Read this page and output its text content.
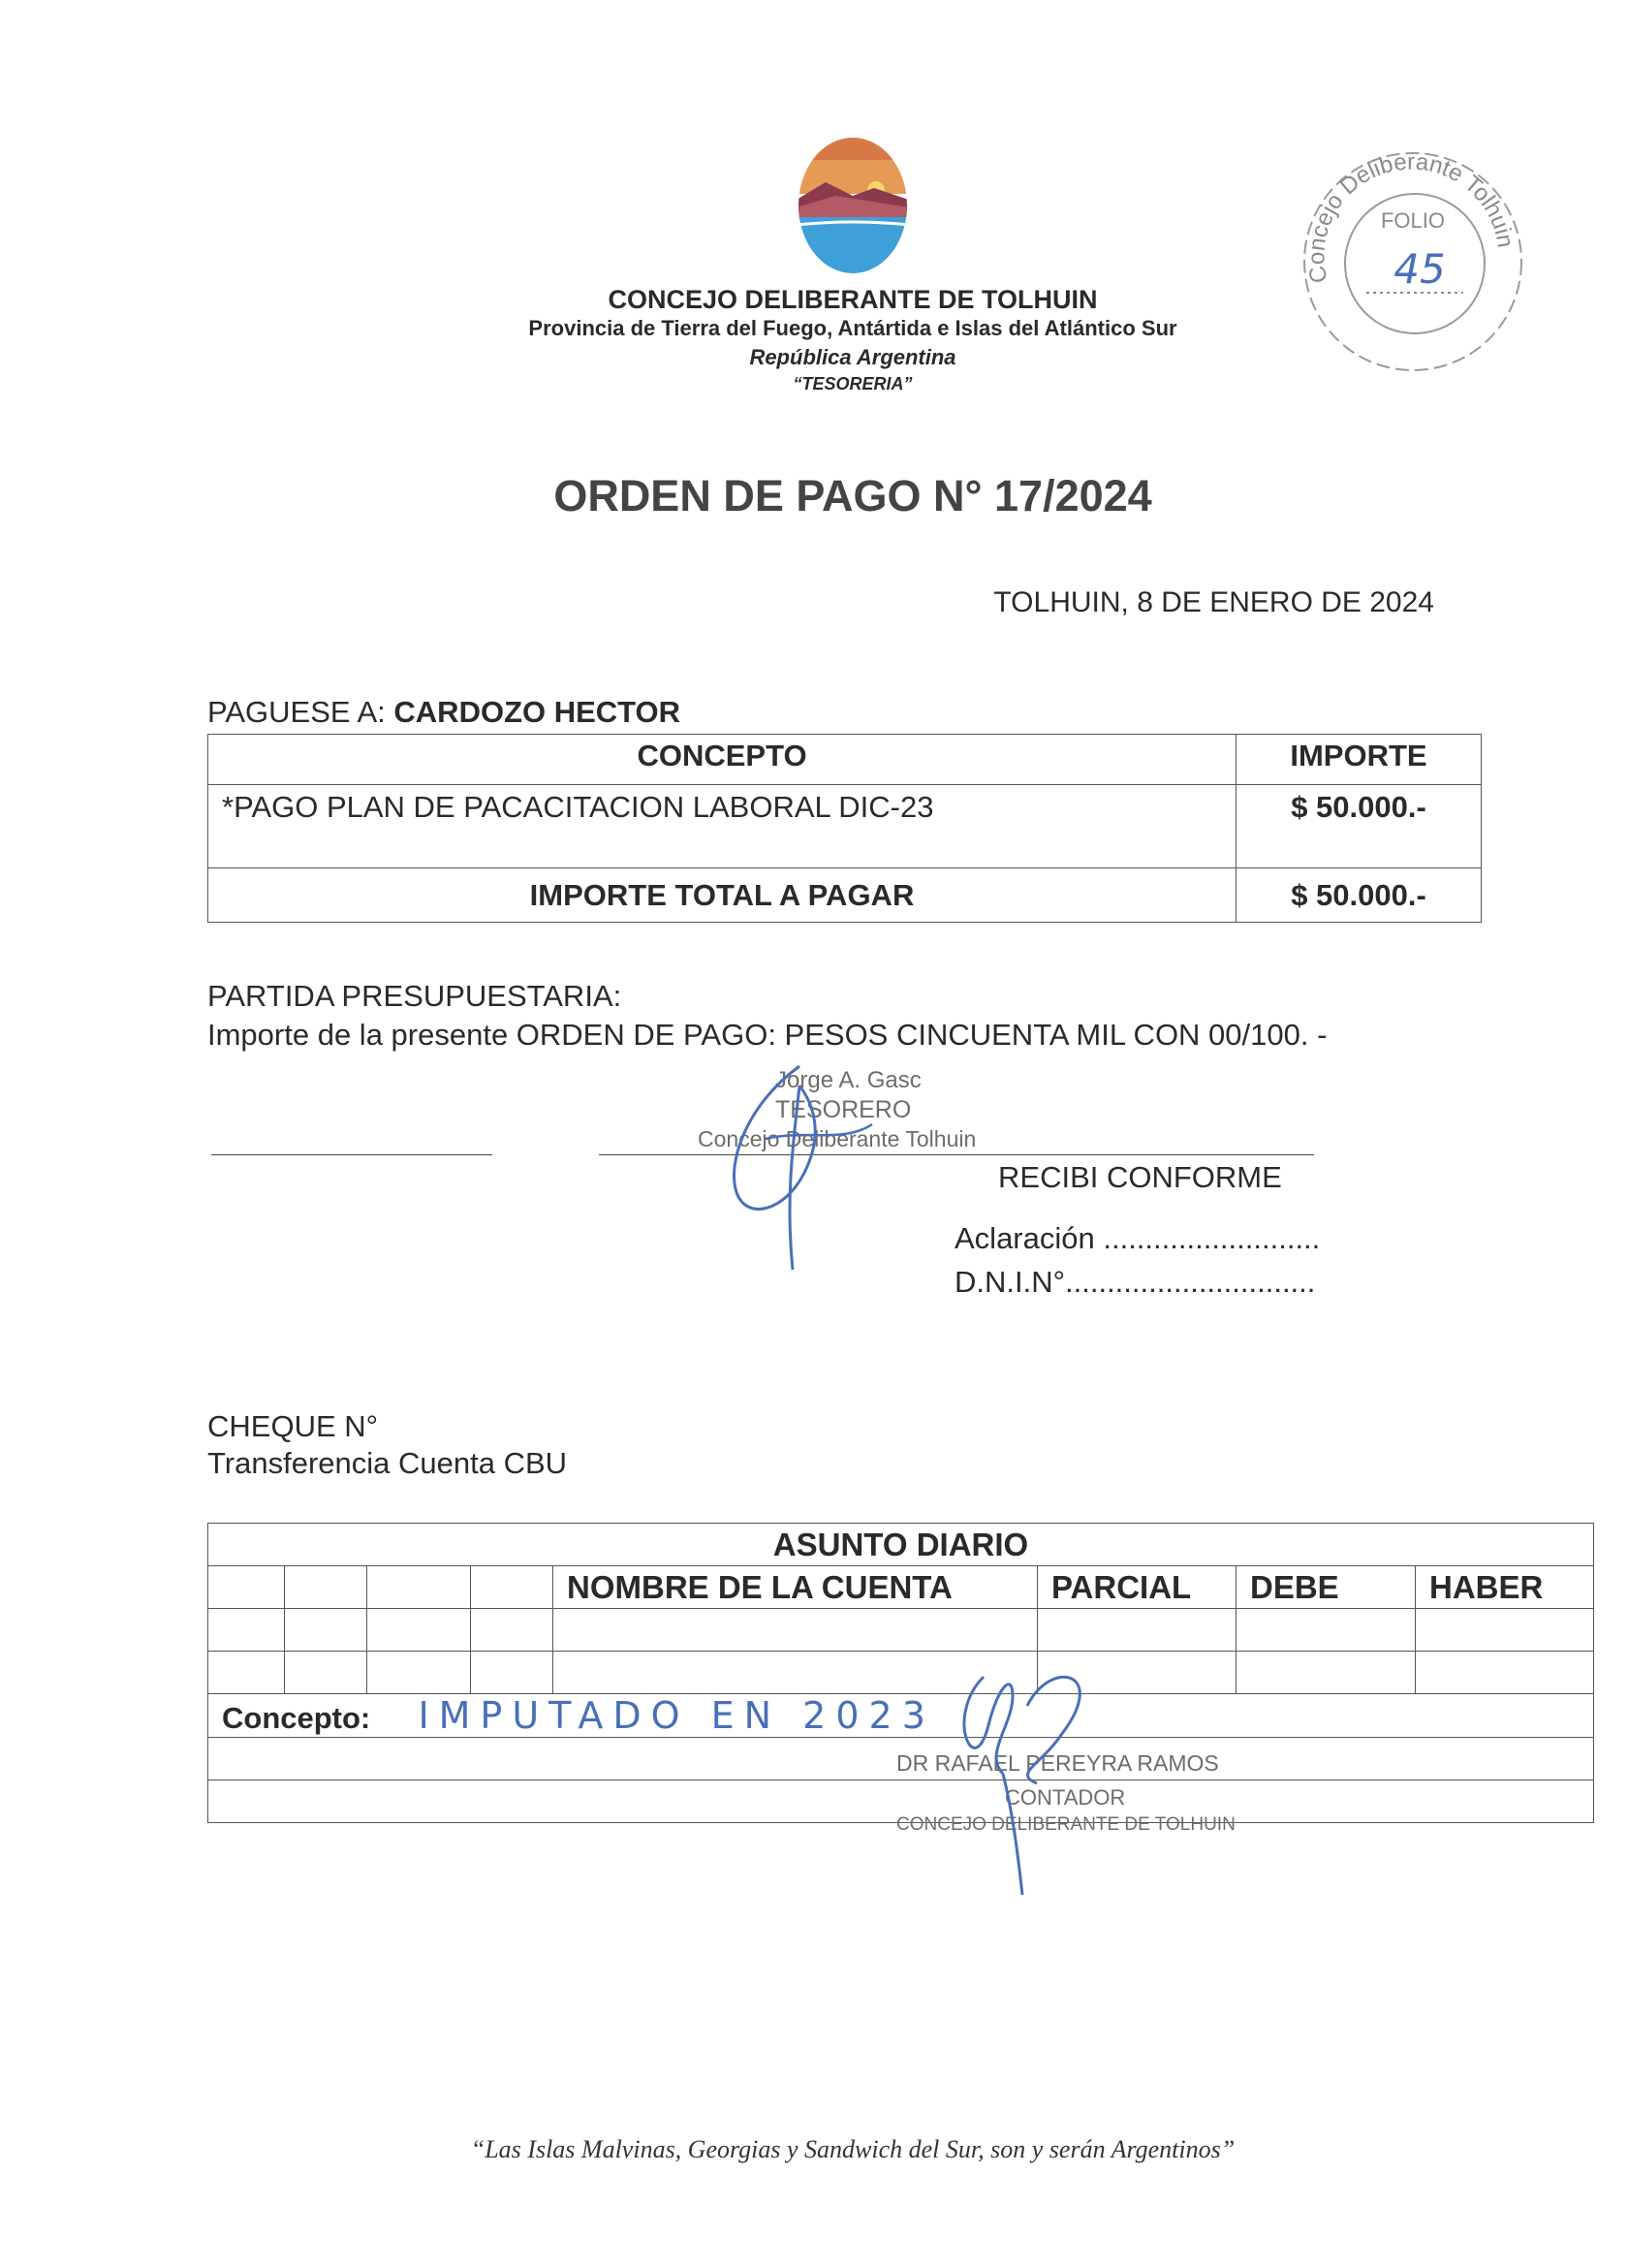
CONCEJO DELIBERANTE DE TOLHUIN
Provincia de Tierra del Fuego, Antártida e Islas del Atlántico Sur
República Argentina
“TESORERIA”
Concejo Deliberante Tolhuin
FOLIO
45
ORDEN DE PAGO N° 17/2024
TOLHUIN, 8 DE ENERO DE 2024
PAGUESE A: CARDOZO HECTOR
CONCEPTO	IMPORTE
*PAGO PLAN DE PACACITACION LABORAL DIC-23	$ 50.000.-
IMPORTE TOTAL A PAGAR	$ 50.000.-
PARTIDA PRESUPUESTARIA:
Importe de la presente ORDEN DE PAGO: PESOS CINCUENTA MIL CON 00/100. -
Jorge A. Gasc
TESORERO
Concejo Deliberante Tolhuin
RECIBI CONFORME
Aclaración ..........................
D.N.I.N°..............................
CHEQUE N°
Transferencia Cuenta CBU
ASUNTO DIARIO							
				NOMBRE DE LA CUENTA	PARCIAL	DEBE	HABER

Concepto: IMPUTADO EN 2023							

DR RAFAEL PEREYRA RAMOS
CONTADOR
CONCEJO DELIBERANTE DE TOLHUIN
“Las Islas Malvinas, Georgias y Sandwich del Sur, son y serán Argentinos”
